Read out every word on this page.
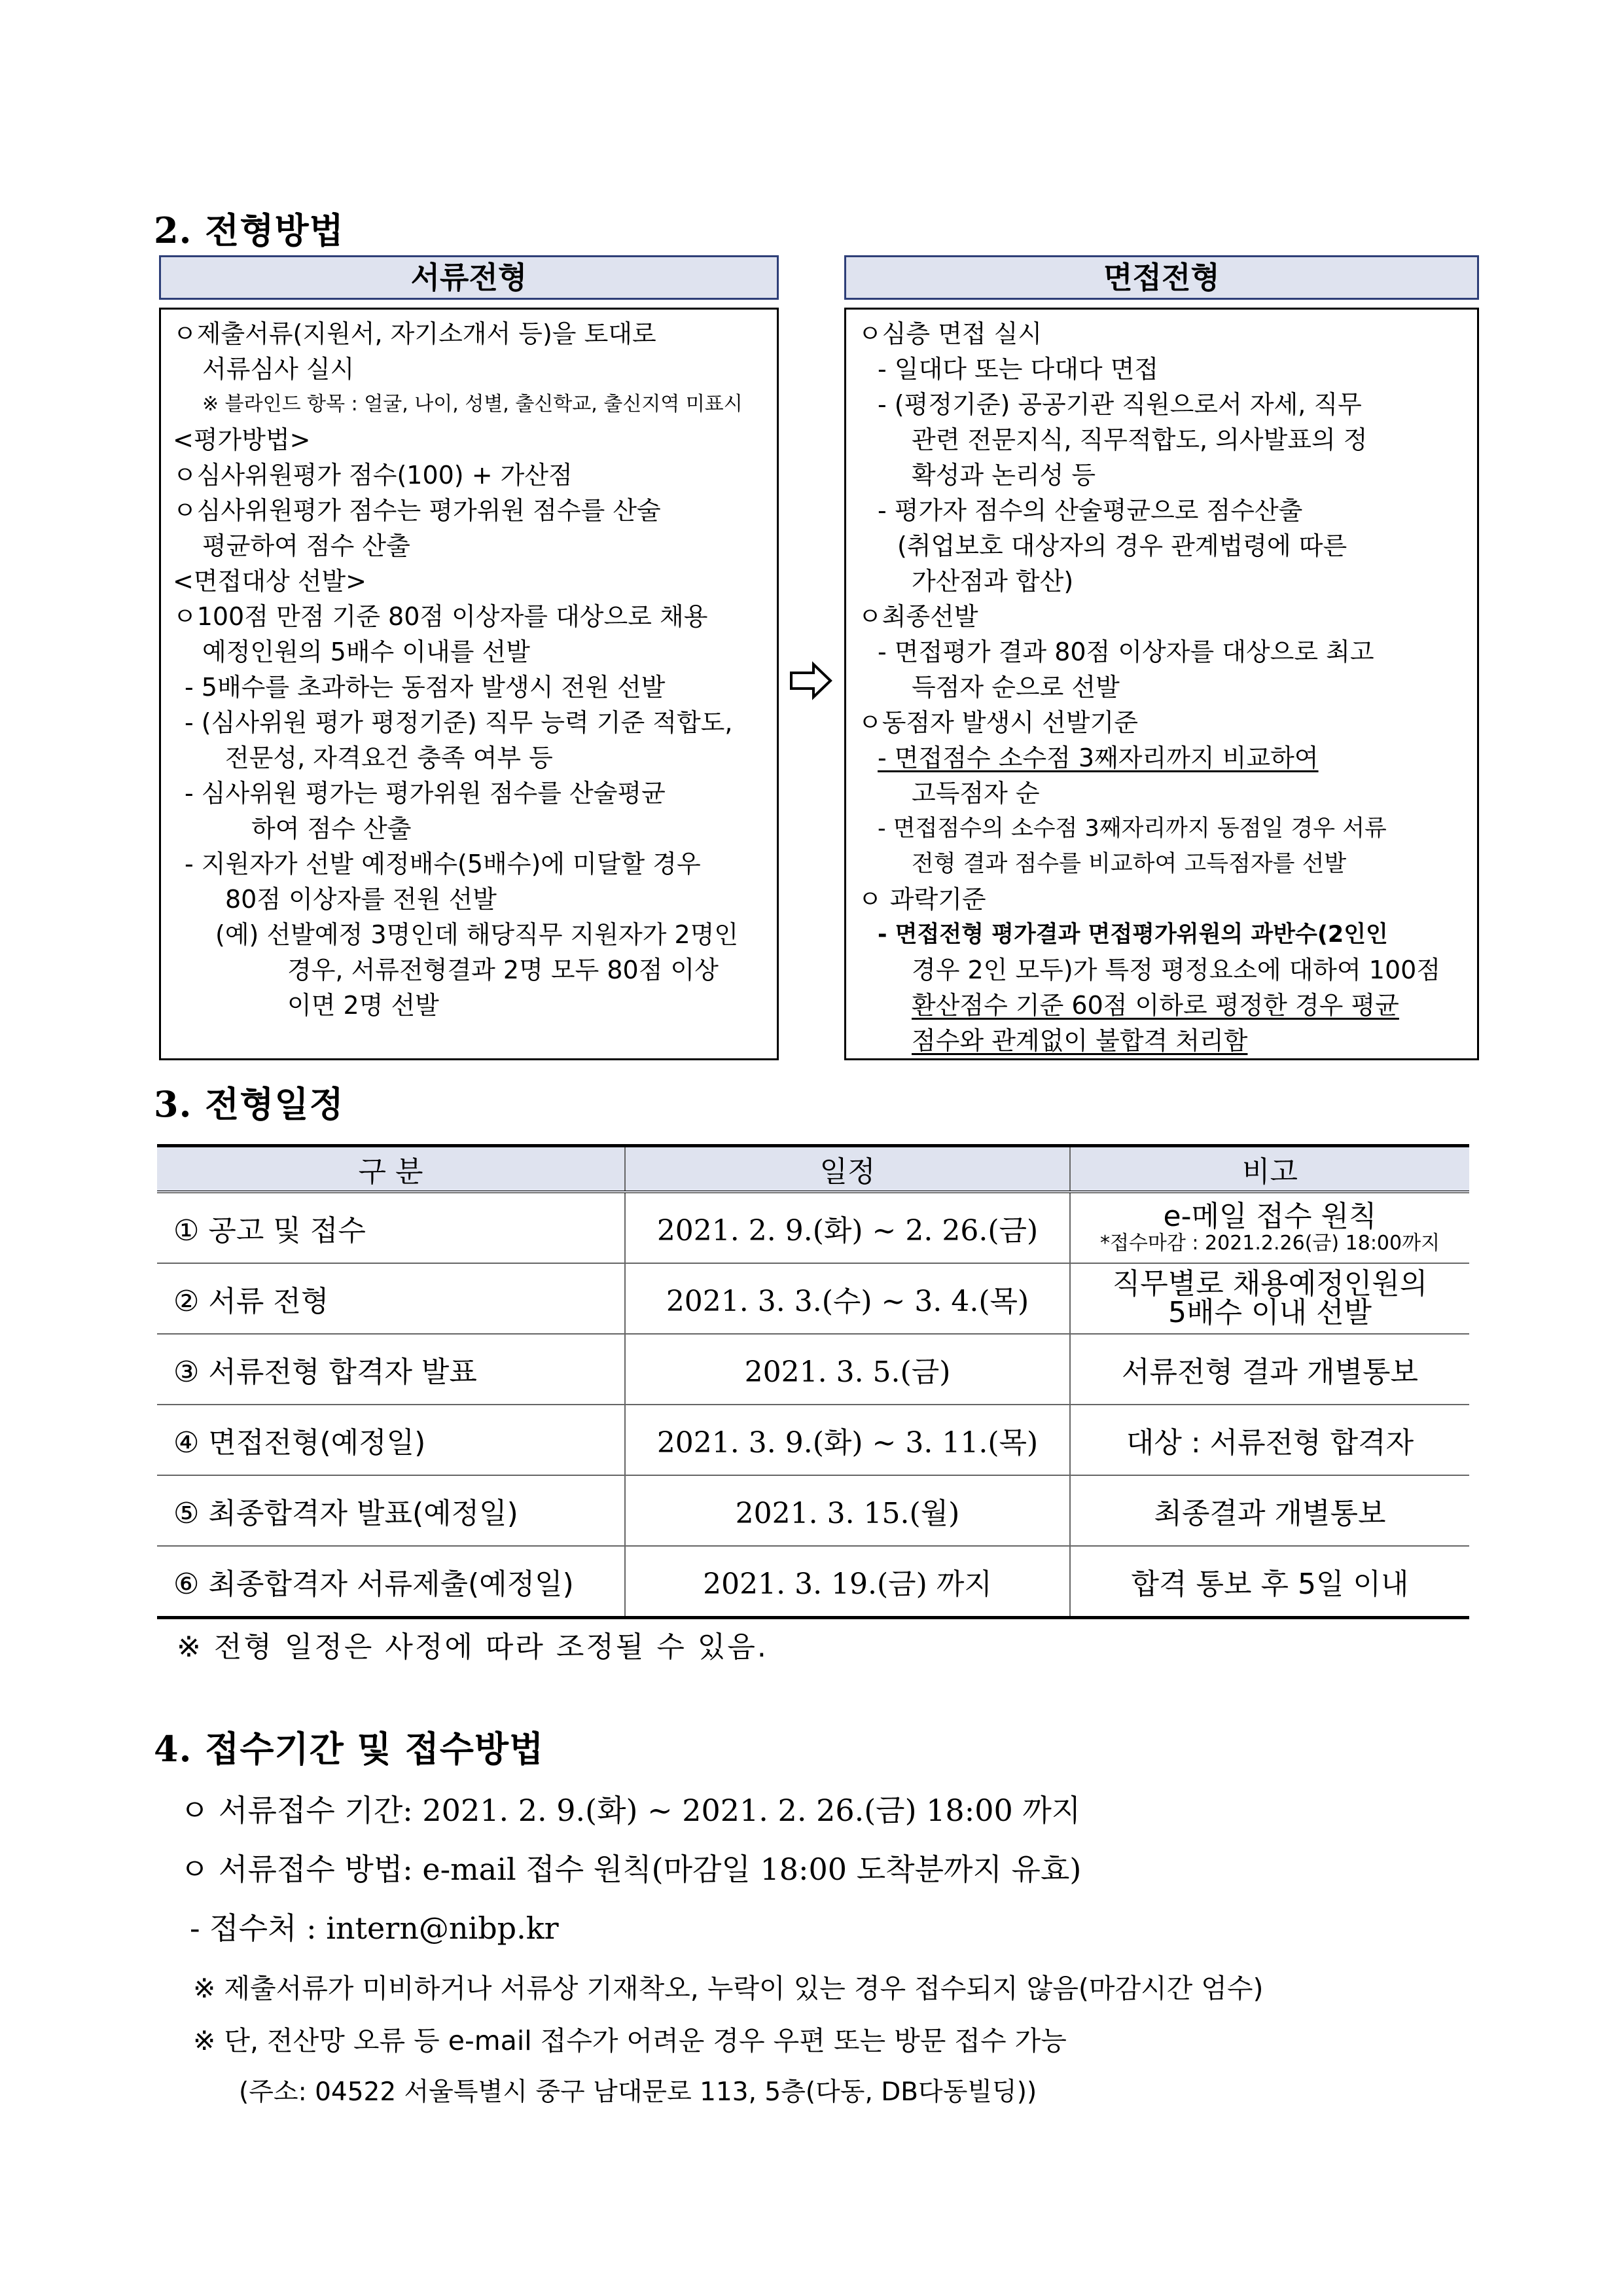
2. 전형방법
서류전형	면접전형
ㅇ제출서류(지원서, 자기소개서 등)을 토대로
서류심사 실시
※ 블라인드 항목 : 얼굴, 나이, 성별, 출신학교, 출신지역 미표시
<평가방법>
ㅇ심사위원평가 점수(100) + 가산점
ㅇ심사위원평가 점수는 평가위원 점수를 산술
평균하여 점수 산출
<면접대상 선발>
ㅇ100점 만점 기준 80점 이상자를 대상으로 채용
예정인원의 5배수 이내를 선발
- 5배수를 초과하는 동점자 발생시 전원 선발
- (심사위원 평가 평정기준) 직무 능력 기준 적합도,
전문성, 자격요건 충족 여부 등
- 심사위원 평가는 평가위원 점수를 산술평균
하여 점수 산출
- 지원자가 선발 예정배수(5배수)에 미달할 경우
80점 이상자를 전원 선발
(예) 선발예정 3명인데 해당직무 지원자가 2명인
경우, 서류전형결과 2명 모두 80점 이상
이면 2명 선발
ㅇ심층 면접 실시
- 일대다 또는 다대다 면접
- (평정기준) 공공기관 직원으로서 자세, 직무
관련 전문지식, 직무적합도, 의사발표의 정
확성과 논리성 등
- 평가자 점수의 산술평균으로 점수산출
(취업보호 대상자의 경우 관계법령에 따른
가산점과 합산)
ㅇ최종선발
- 면접평가 결과 80점 이상자를 대상으로 최고
득점자 순으로 선발
ㅇ동점자 발생시 선발기준
- 면접점수 소수점 3째자리까지 비교하여
고득점자 순
- 면접점수의 소수점 3째자리까지 동점일 경우 서류
전형 결과 점수를 비교하여 고득점자를 선발
ㅇ 과락기준
- 면접전형 평가결과 면접평가위원의 과반수(2인인
경우 2인 모두)가 특정 평정요소에 대하여 100점
환산점수 기준 60점 이하로 평정한 경우 평균
점수와 관계없이 불합격 처리함
3. 전형일정
구 분	일정	비고
① 공고 및 접수	2021. 2. 9.(화) ~ 2. 26.(금)	e-메일 접수 원칙
*접수마감 : 2021.2.26(금) 18:00까지

② 서류 전형	2021. 3. 3.(수) ~ 3. 4.(목)	직무별로 채용예정인원의
5배수 이내 선발

③ 서류전형 합격자 발표	2021. 3. 5.(금)	서류전형 결과 개별통보
④ 면접전형(예정일)	2021. 3. 9.(화) ~ 3. 11.(목)	대상 : 서류전형 합격자
⑤ 최종합격자 발표(예정일)	2021. 3. 15.(월)	최종결과 개별통보
⑥ 최종합격자 서류제출(예정일)	2021. 3. 19.(금) 까지	합격 통보 후 5일 이내
※ 전형 일정은 사정에 따라 조정될 수 있음.
4. 접수기간 및 접수방법
ㅇ 서류접수 기간: 2021. 2. 9.(화) ~ 2021. 2. 26.(금) 18:00 까지
ㅇ 서류접수 방법: e-mail 접수 원칙(마감일 18:00 도착분까지 유효)
- 접수처 : intern@nibp.kr
※ 제출서류가 미비하거나 서류상 기재착오, 누락이 있는 경우 접수되지 않음(마감시간 엄수)
※ 단, 전산망 오류 등 e-mail 접수가 어려운 경우 우편 또는 방문 접수 가능
(주소: 04522 서울특별시 중구 남대문로 113, 5층(다동, DB다동빌딩))
